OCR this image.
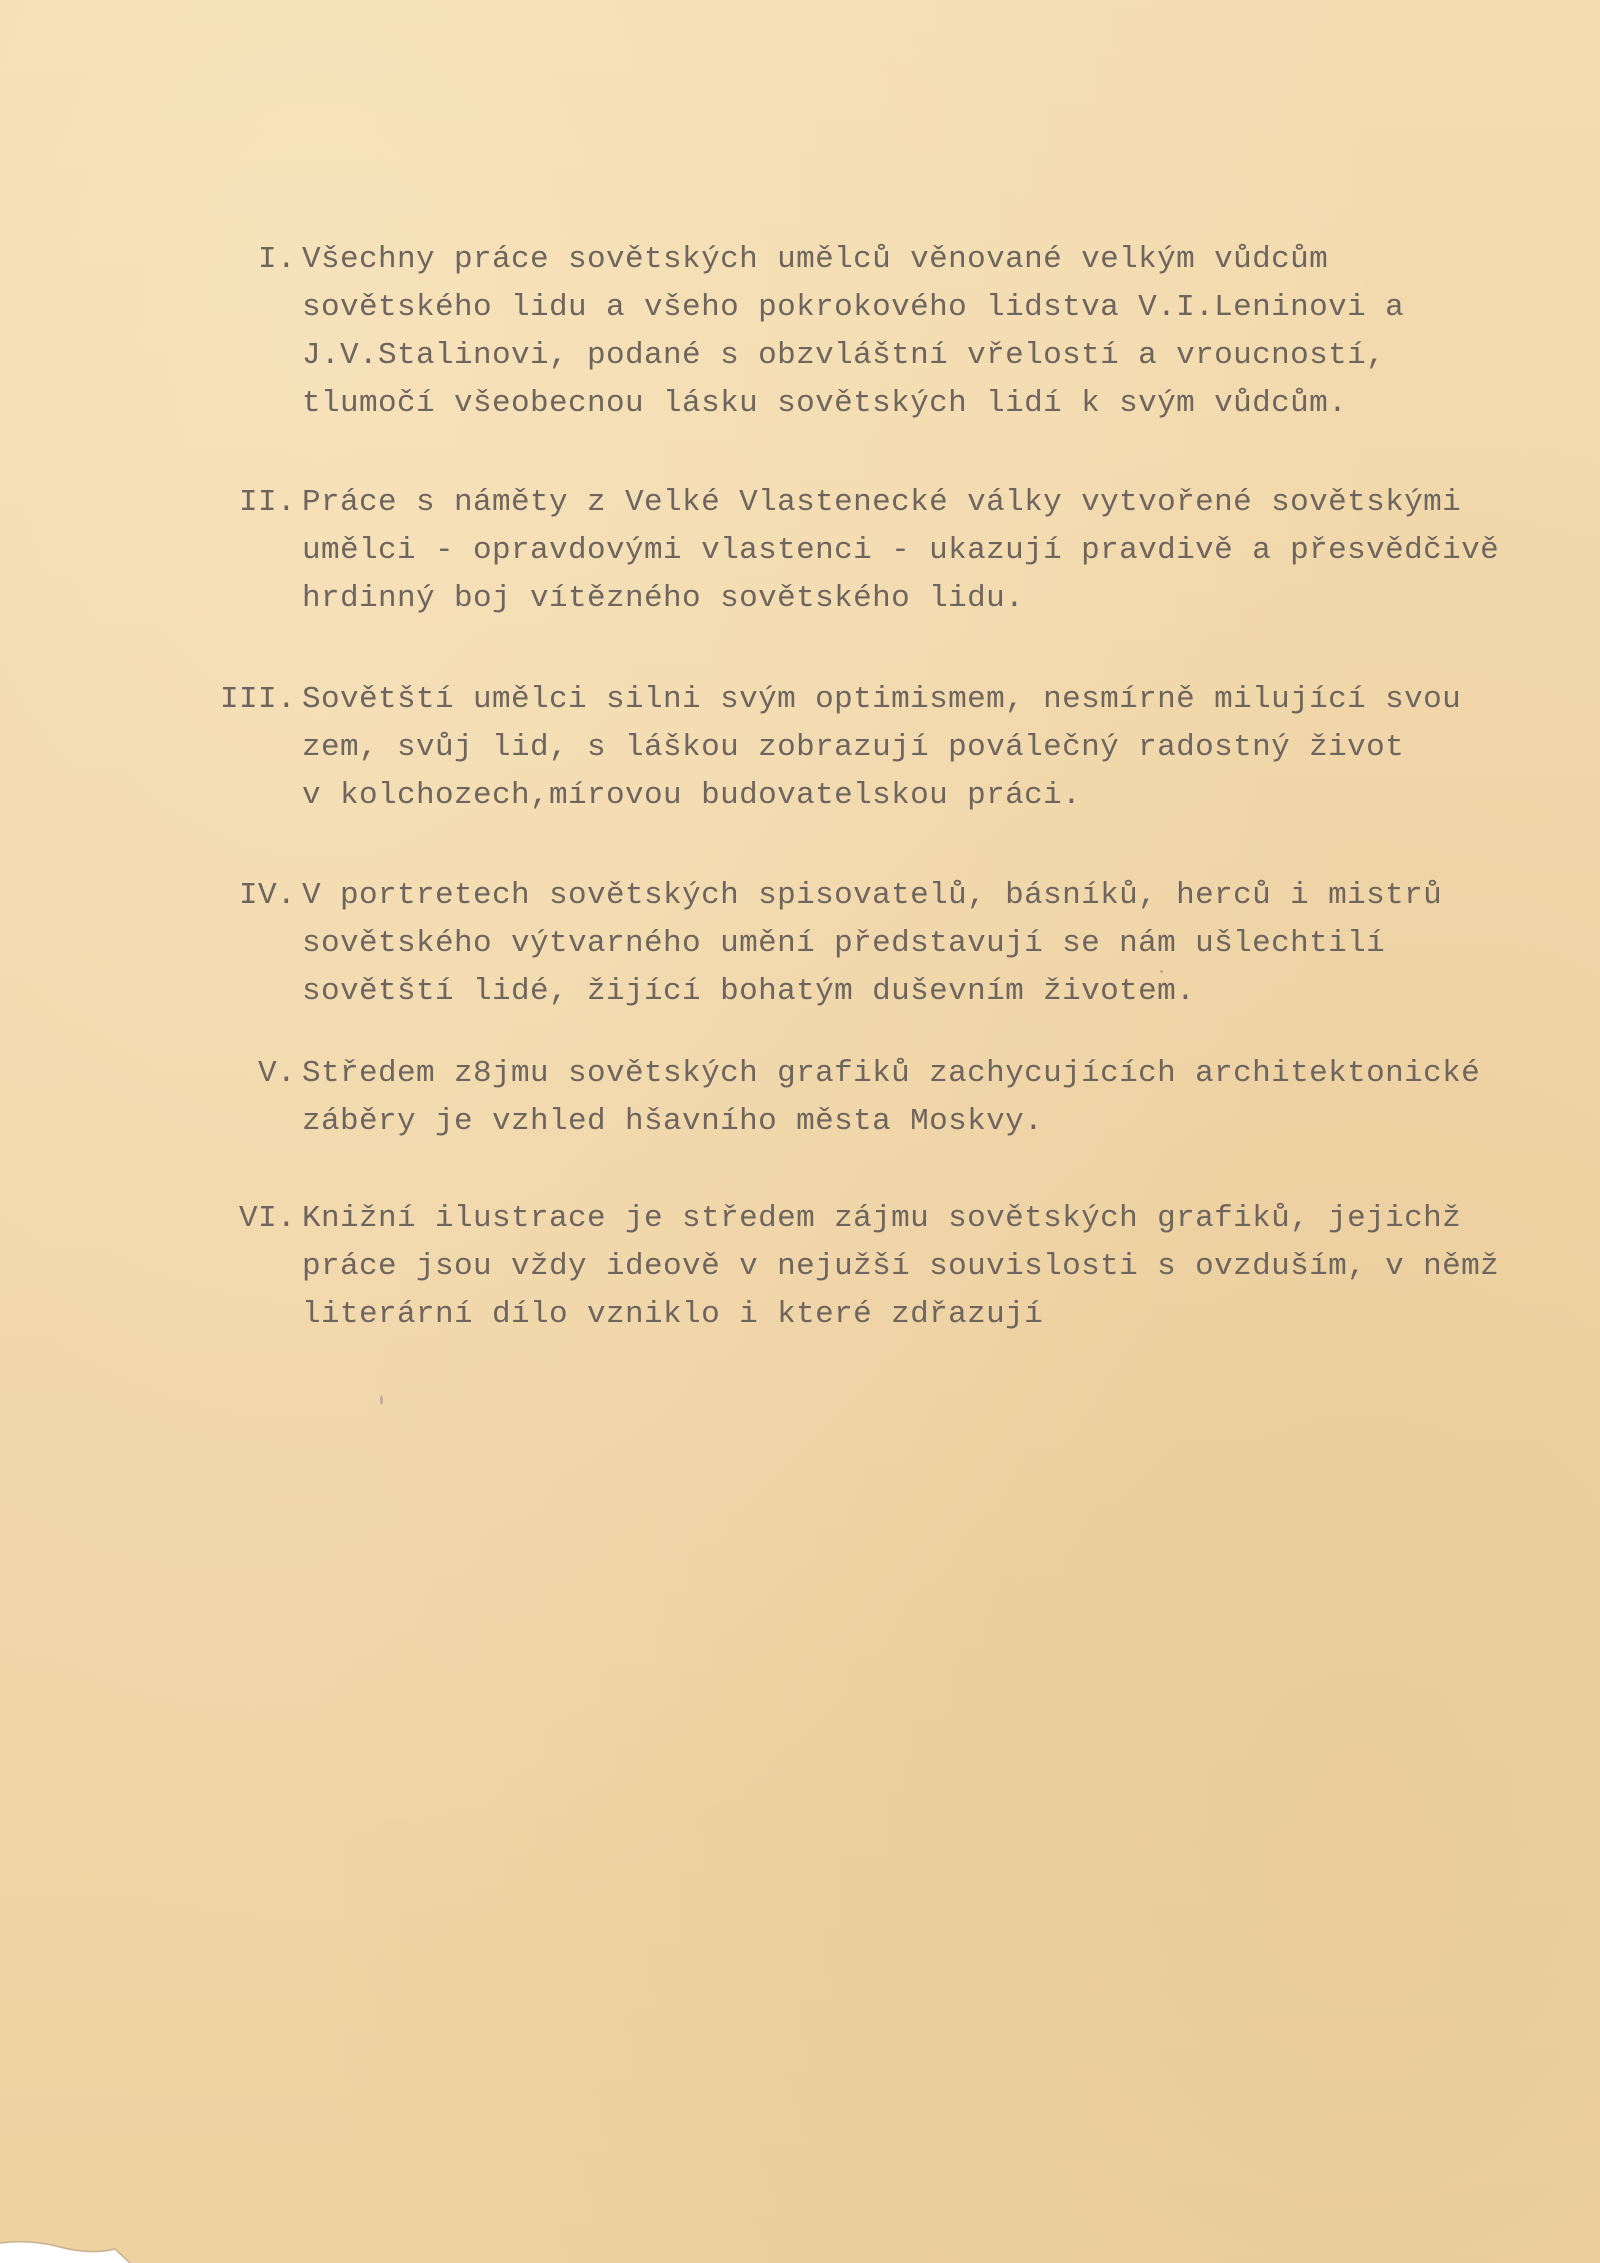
I. Všechny práce sovětských umělců věnované velkým vůdcům
sovětského lidu a všeho pokrokového lidstva V.I.Leninovi a
J.V.Stalinovi, podané s obzvláštní vřelostí a vroucností,
tlumočí všeobecnou lásku sovětských lidí k svým vůdcům.
II. Práce s náměty z Velké Vlastenecké války vytvořené sovětskými
umělci - opravdovými vlastenci - ukazují pravdivě a přesvědčivě
hrdinný boj vítězného sovětského lidu.
III. Sovětští umělci silni svým optimismem, nesmírně milující svou
zem, svůj lid, s láškou zobrazují poválečný radostný život
v kolchozech,mírovou budovatelskou práci.
IV. V portretech sovětských spisovatelů, básníků, herců i mistrů
sovětského výtvarného umění představují se nám ušlechtilí
sovětští lidé, žijící bohatým duševním životem.
V. Středem z8jmu sovětských grafiků zachycujících architektonické
záběry je vzhled hšavního města Moskvy.
VI. Knižní ilustrace je středem zájmu sovětských grafiků, jejichž
práce jsou vždy ideově v nejužší souvislosti s ovzduším, v němž
literární dílo vzniklo i které zdřazují
